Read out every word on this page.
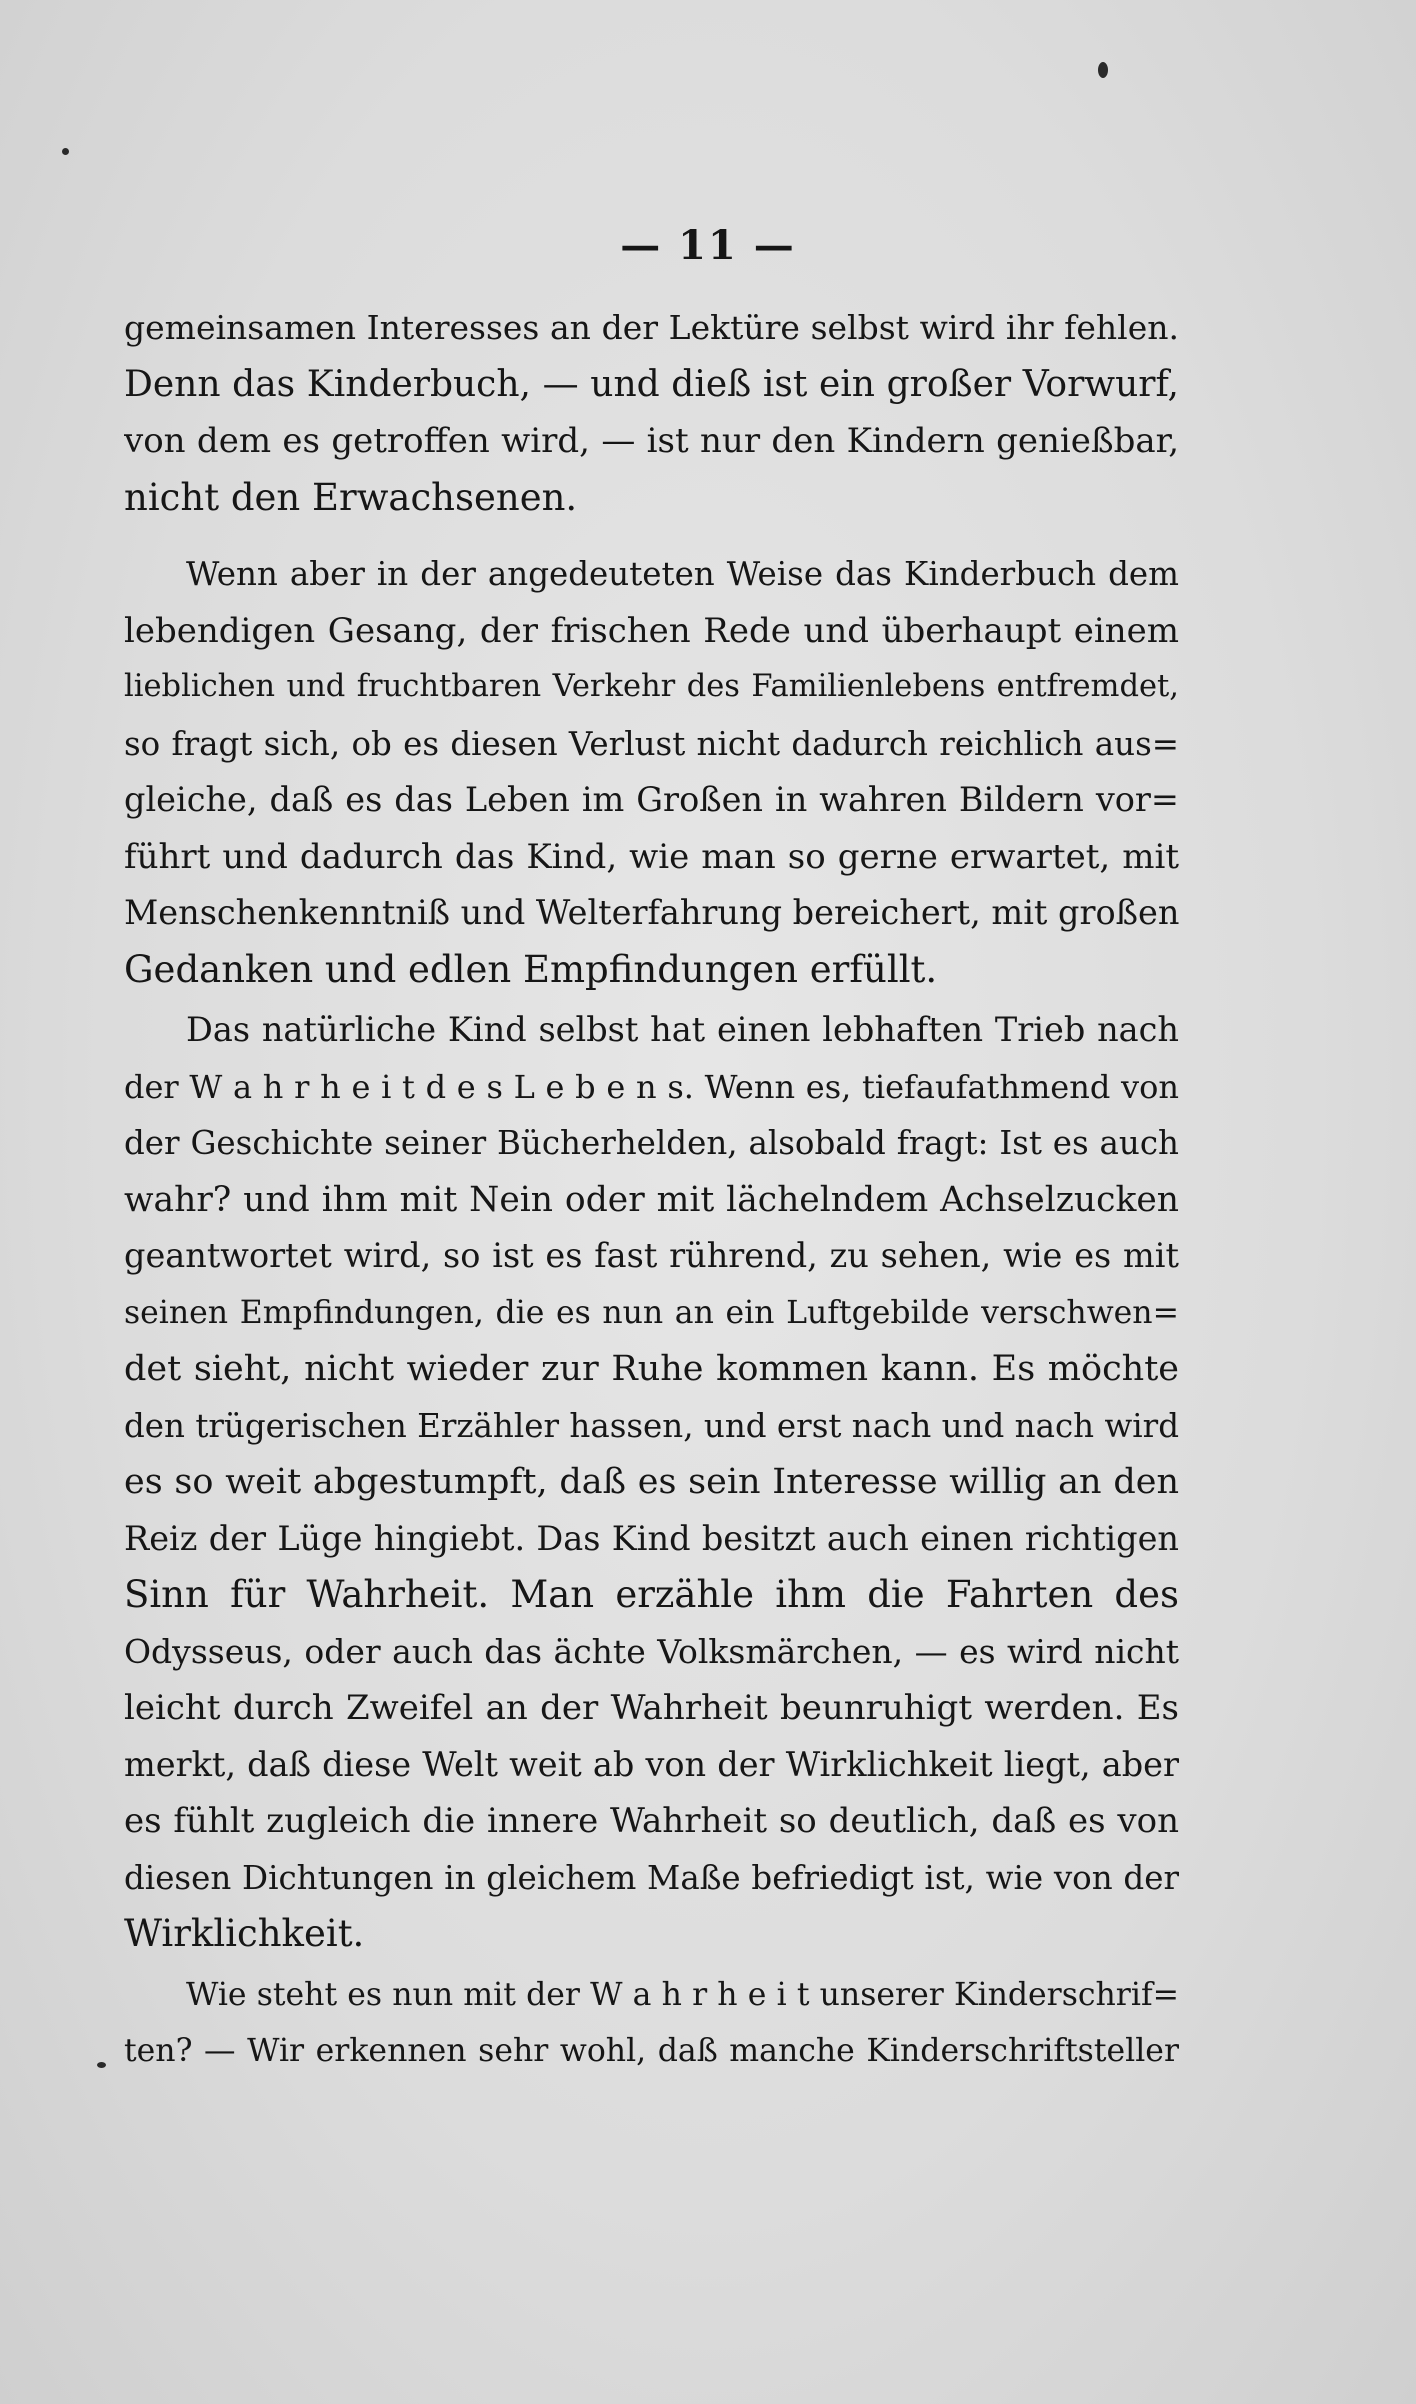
— 11 —
gemeinsamen Interesses an der Lektüre selbst wird ihr fehlen.
Denn das Kinderbuch, — und dieß ist ein großer Vorwurf,
von dem es getroffen wird, — ist nur den Kindern genießbar,
nicht den Erwachsenen.
Wenn aber in der angedeuteten Weise das Kinderbuch dem
lebendigen Gesang, der frischen Rede und überhaupt einem
lieblichen und fruchtbaren Verkehr des Familienlebens entfremdet,
so fragt sich, ob es diesen Verlust nicht dadurch reichlich aus=
gleiche, daß es das Leben im Großen in wahren Bildern vor=
führt und dadurch das Kind, wie man so gerne erwartet, mit
Menschenkenntniß und Welterfahrung bereichert, mit großen
Gedanken und edlen Empfindungen erfüllt.
Das natürliche Kind selbst hat einen lebhaften Trieb nach
der W a h r h e i t d e s L e b e n s. Wenn es, tiefaufathmend von
der Geschichte seiner Bücherhelden, alsobald fragt: Ist es auch
wahr? und ihm mit Nein oder mit lächelndem Achselzucken
geantwortet wird, so ist es fast rührend, zu sehen, wie es mit
seinen Empfindungen, die es nun an ein Luftgebilde verschwen=
det sieht, nicht wieder zur Ruhe kommen kann. Es möchte
den trügerischen Erzähler hassen, und erst nach und nach wird
es so weit abgestumpft, daß es sein Interesse willig an den
Reiz der Lüge hingiebt. Das Kind besitzt auch einen richtigen
Sinn für Wahrheit. Man erzähle ihm die Fahrten des
Odysseus, oder auch das ächte Volksmärchen, — es wird nicht
leicht durch Zweifel an der Wahrheit beunruhigt werden. Es
merkt, daß diese Welt weit ab von der Wirklichkeit liegt, aber
es fühlt zugleich die innere Wahrheit so deutlich, daß es von
diesen Dichtungen in gleichem Maße befriedigt ist, wie von der
Wirklichkeit.
Wie steht es nun mit der W a h r h e i t unserer Kinderschrif=
ten? — Wir erkennen sehr wohl, daß manche Kinderschriftsteller
